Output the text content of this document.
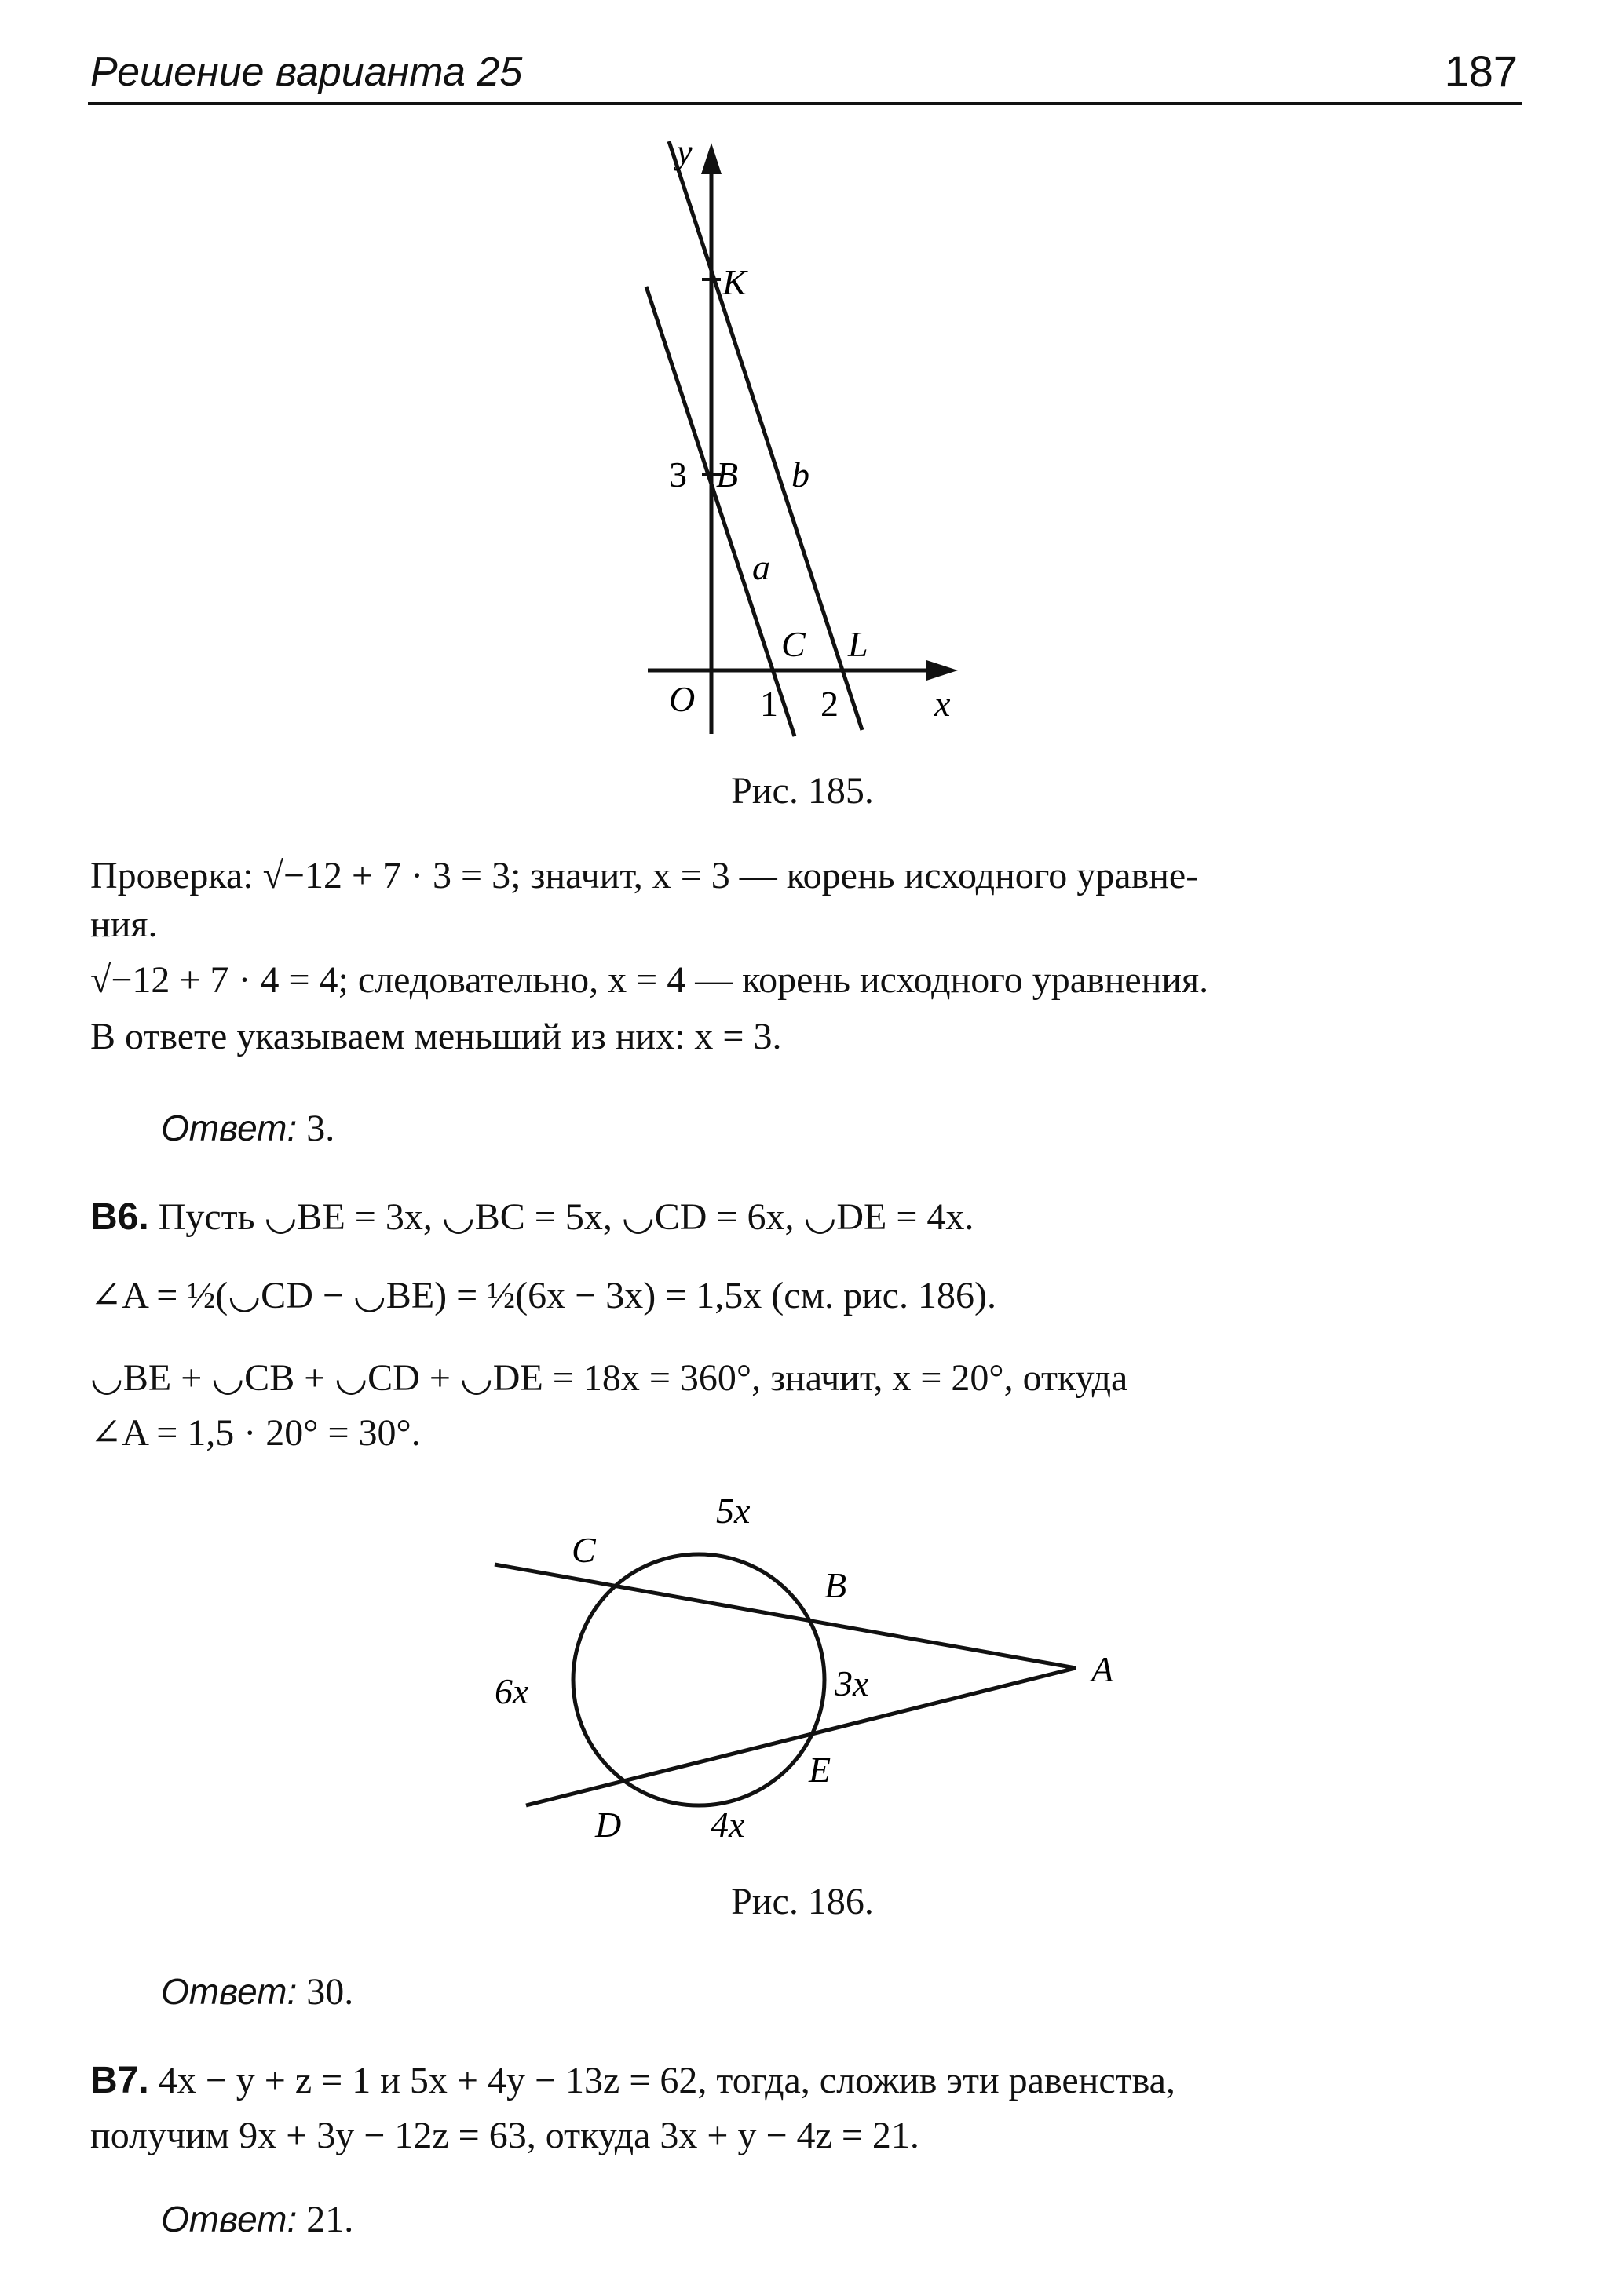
Решение варианта 25	187
y
K
3 B b
a
C L
O 1 2	x
Рис. 185.
Проверка: √−12 + 7 · 3 = 3; значит, x = 3 — корень исходного уравне-
ния.
√−12 + 7 · 4 = 4; следовательно, x = 4 — корень исходного уравнения.
В ответе указываем меньший из них: x = 3.
Ответ: 3.
B6. Пусть ◡BE = 3x, ◡BC = 5x, ◡CD = 6x, ◡DE = 4x.
∠A = ½(◡CD − ◡BE) = ½(6x − 3x) = 1,5x (см. рис. 186).
◡BE + ◡CB + ◡CD + ◡DE = 18x = 360°, значит, x = 20°, откуда
∠A = 1,5 · 20° = 30°.
5x
C
B
A
6x	3x
E
D 4x
Рис. 186.
Ответ: 30.
B7. 4x − y + z = 1 и 5x + 4y − 13z = 62, тогда, сложив эти равенства,
получим 9x + 3y − 12z = 63, откуда 3x + y − 4z = 21.
Ответ: 21.
